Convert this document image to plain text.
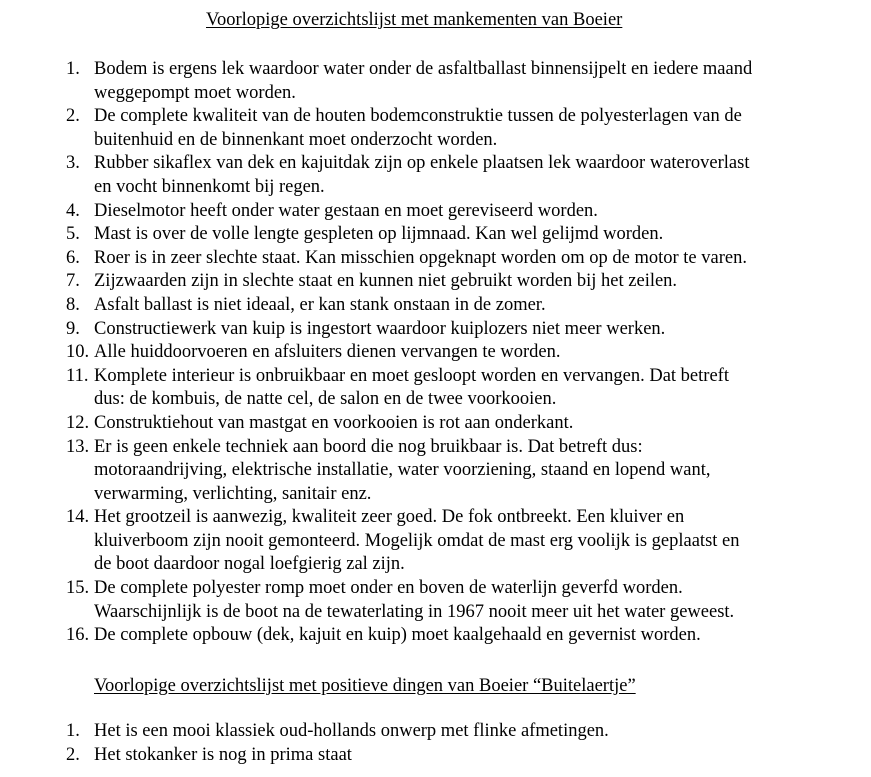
Voorlopige overzichtslijst met mankementen van Boeier
1. Bodem is ergens lek waardoor water onder de asfaltballast binnensijpelt en iedere maand
weggepompt moet worden.
2. De complete kwaliteit van de houten bodemconstruktie tussen de polyesterlagen van de
buitenhuid en de binnenkant moet onderzocht worden.
3. Rubber sikaflex van dek en kajuitdak zijn op enkele plaatsen lek waardoor wateroverlast
en vocht binnenkomt bij regen.
4. Dieselmotor heeft onder water gestaan en moet gereviseerd worden.
5. Mast is over de volle lengte gespleten op lijmnaad. Kan wel gelijmd worden.
6. Roer is in zeer slechte staat. Kan misschien opgeknapt worden om op de motor te varen.
7. Zijzwaarden zijn in slechte staat en kunnen niet gebruikt worden bij het zeilen.
8. Asfalt ballast is niet ideaal, er kan stank onstaan in de zomer.
9. Constructiewerk van kuip is ingestort waardoor kuiplozers niet meer werken.
10. Alle huiddoorvoeren en afsluiters dienen vervangen te worden.
11. Komplete interieur is onbruikbaar en moet gesloopt worden en vervangen. Dat betreft
dus: de kombuis, de natte cel, de salon en de twee voorkooien.
12. Construktiehout van mastgat en voorkooien is rot aan onderkant.
13. Er is geen enkele techniek aan boord die nog bruikbaar is. Dat betreft dus:
motoraandrijving, elektrische installatie, water voorziening, staand en lopend want,
verwarming, verlichting, sanitair enz.
14. Het grootzeil is aanwezig, kwaliteit zeer goed. De fok ontbreekt. Een kluiver en
kluiverboom zijn nooit gemonteerd. Mogelijk omdat de mast erg voolijk is geplaatst en
de boot daardoor nogal loefgierig zal zijn.
15. De complete polyester romp moet onder en boven de waterlijn geverfd worden.
Waarschijnlijk is de boot na de tewaterlating in 1967 nooit meer uit het water geweest.
16. De complete opbouw (dek, kajuit en kuip) moet kaalgehaald en gevernist worden.
Voorlopige overzichtslijst met positieve dingen van Boeier “Buitelaertje”
1. Het is een mooi klassiek oud-hollands onwerp met flinke afmetingen.
2. Het stokanker is nog in prima staat
